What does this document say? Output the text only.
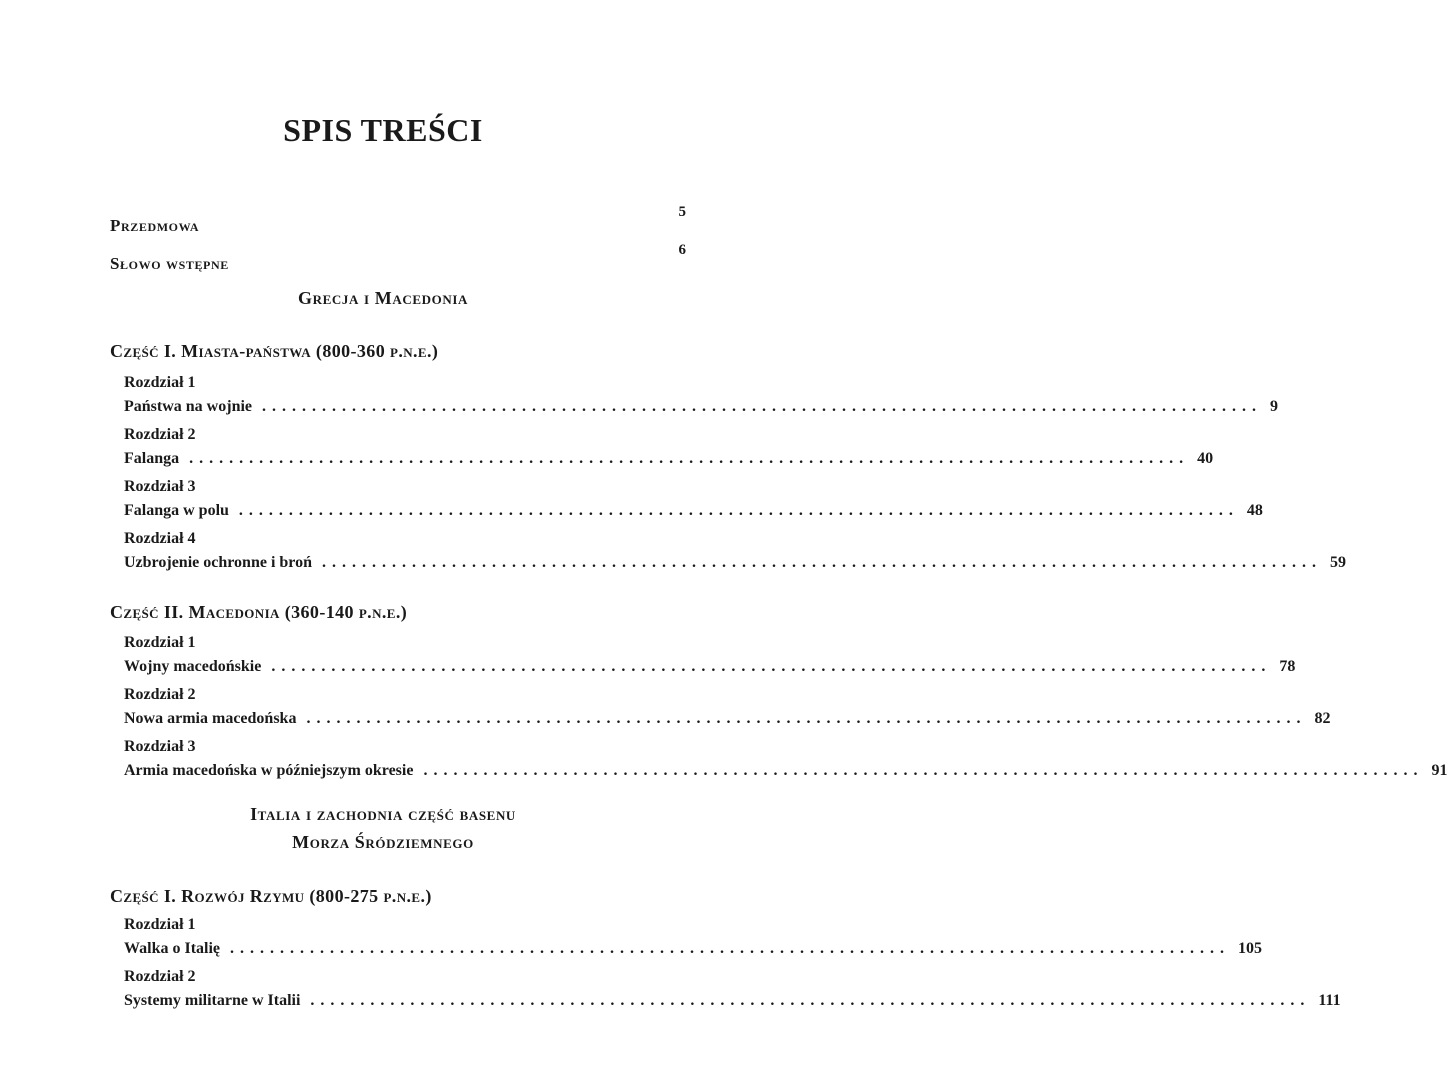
SPIS TREŚCI
Przedmowa
5
Słowo wstępne
6
Grecja i Macedonia
Część I. Miasta-państwa (800-360 p.n.e.)
Rozdział 1
Państwa na wojnie .................................................................................................... 9
Rozdział 2
Falanga .................................................................................................... 40
Rozdział 3
Falanga w polu .................................................................................................... 48
Rozdział 4
Uzbrojenie ochronne i broń .................................................................................................... 59
Część II. Macedonia (360-140 p.n.e.)
Rozdział 1
Wojny macedońskie .................................................................................................... 78
Rozdział 2
Nowa armia macedońska .................................................................................................... 82
Rozdział 3
Armia macedońska w późniejszym okresie .................................................................................................... 91
Italia i zachodnia część basenu
Morza Śródziemnego
Część I. Rozwój Rzymu (800-275 p.n.e.)
Rozdział 1
Walka o Italię .................................................................................................... 105
Rozdział 2
Systemy militarne w Italii .................................................................................................... 111
